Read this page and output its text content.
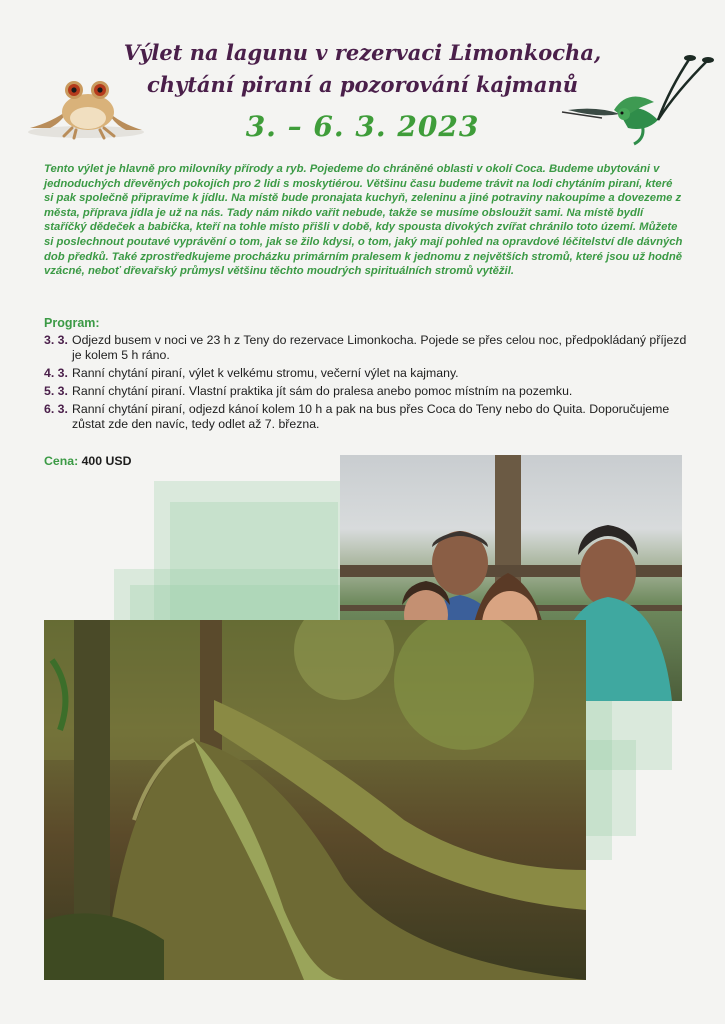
Výlet na lagunu v rezervaci Limonkocha,
chytání piraní a pozorování kajmanů
3. – 6. 3. 2023
Tento výlet je hlavně pro milovníky přírody a ryb. Pojedeme do chráněné oblasti v okolí Coca. Budeme ubytováni v jednoduchých dřevěných pokojích pro 2 lidi s moskytiérou. Většinu času budeme trávit na lodi chytáním piraní, které si pak společně připravíme k jídlu. Na místě bude pronajata kuchyň, zeleninu a jiné potraviny nakoupíme a dovezeme z města, příprava jídla je už na nás. Tady nám nikdo vařit nebude, takže se musíme obsloužit sami. Na místě bydlí staříčký dědeček a babička, kteří na tohle místo přišli v době, kdy spousta divokých zvířat chránilo toto území. Můžete si poslechnout poutavé vyprávění o tom, jak se žilo kdysi, o tom, jaký mají pohled na opravdové léčitelství dle dávných dob předků. Také zprostředkujeme procházku primárním pralesem k jednomu z největších stromů, které jsou už hodně vzácné, neboť dřevařský průmysl většinu těchto moudrých spirituálních stromů vytěžil.
Program:
3. 3. Odjezd busem v noci ve 23 h z Teny do rezervace Limonkocha. Pojede se přes celou noc, předpokládaný příjezd je kolem 5 h ráno.
4. 3. Ranní chytání piraní, výlet k velkému stromu, večerní výlet na kajmany.
5. 3. Ranní chytání piraní. Vlastní praktika jít sám do pralesa anebo pomoc místním na pozemku.
6. 3. Ranní chytání piraní, odjezd kánoí kolem 10 h a pak na bus přes Coca do Teny nebo do Quita. Doporučujeme zůstat zde den navíc, tedy odlet až 7. března.
Cena: 400 USD
